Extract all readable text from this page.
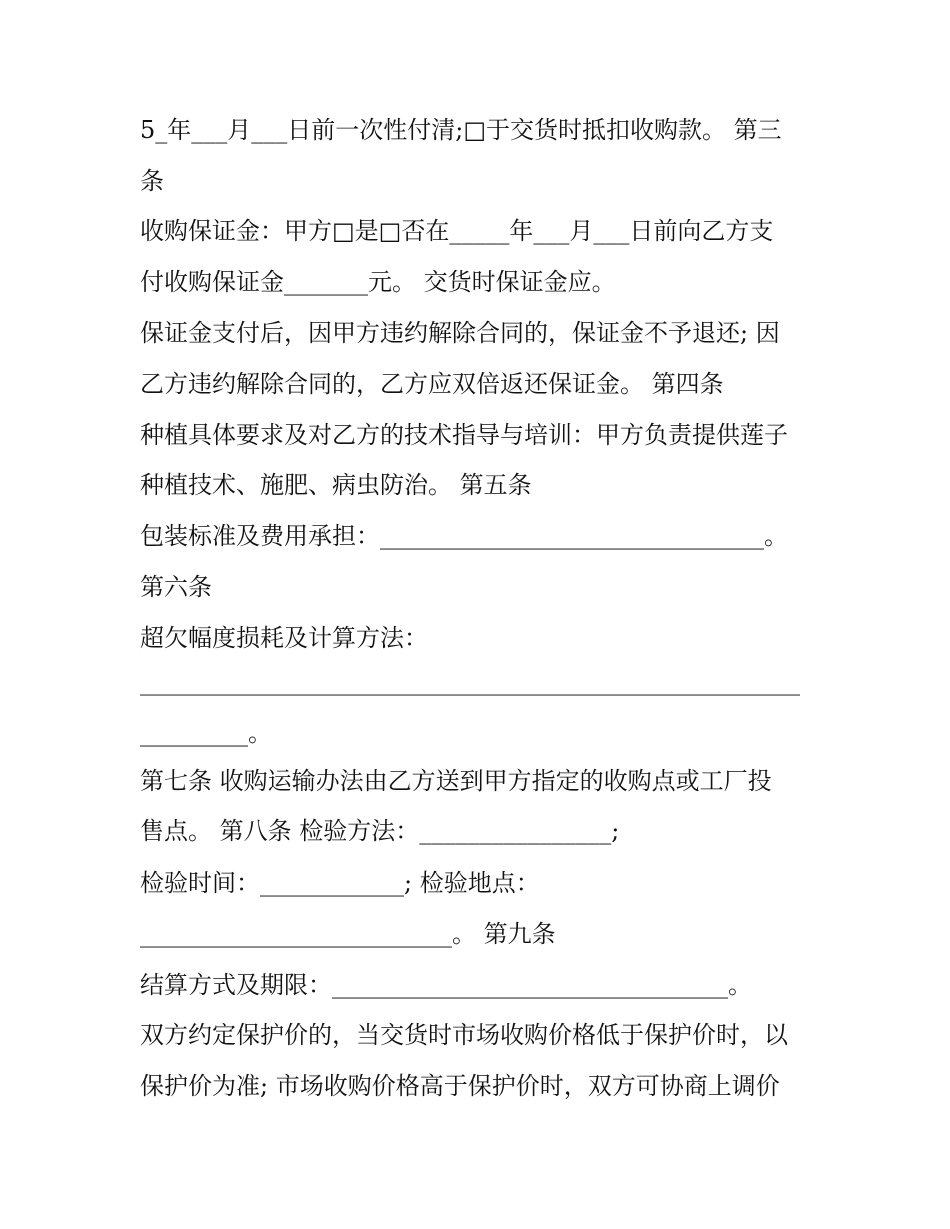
5_年___月___日前一次性付清;□于交货时抵扣收购款。 第三
条
收购保证金：甲方□是□否在_____年___月___日前向乙方支
付收购保证金_______元。 交货时保证金应。
保证金支付后，因甲方违约解除合同的，保证金不予退还; 因
乙方违约解除合同的，乙方应双倍返还保证金。 第四条
种植具体要求及对乙方的技术指导与培训：甲方负责提供莲子
种植技术、施肥、病虫防治。 第五条
包装标准及费用承担：________________________________。
第六条
超欠幅度损耗及计算方法：
_______________________________________________________
_________。
第七条 收购运输办法由乙方送到甲方指定的收购点或工厂投
售点。 第八条 检验方法：________________;
检验时间：____________; 检验地点：
__________________________。 第九条
结算方式及期限：_________________________________。
双方约定保护价的，当交货时市场收购价格低于保护价时，以
保护价为准; 市场收购价格高于保护价时，双方可协商上调价
